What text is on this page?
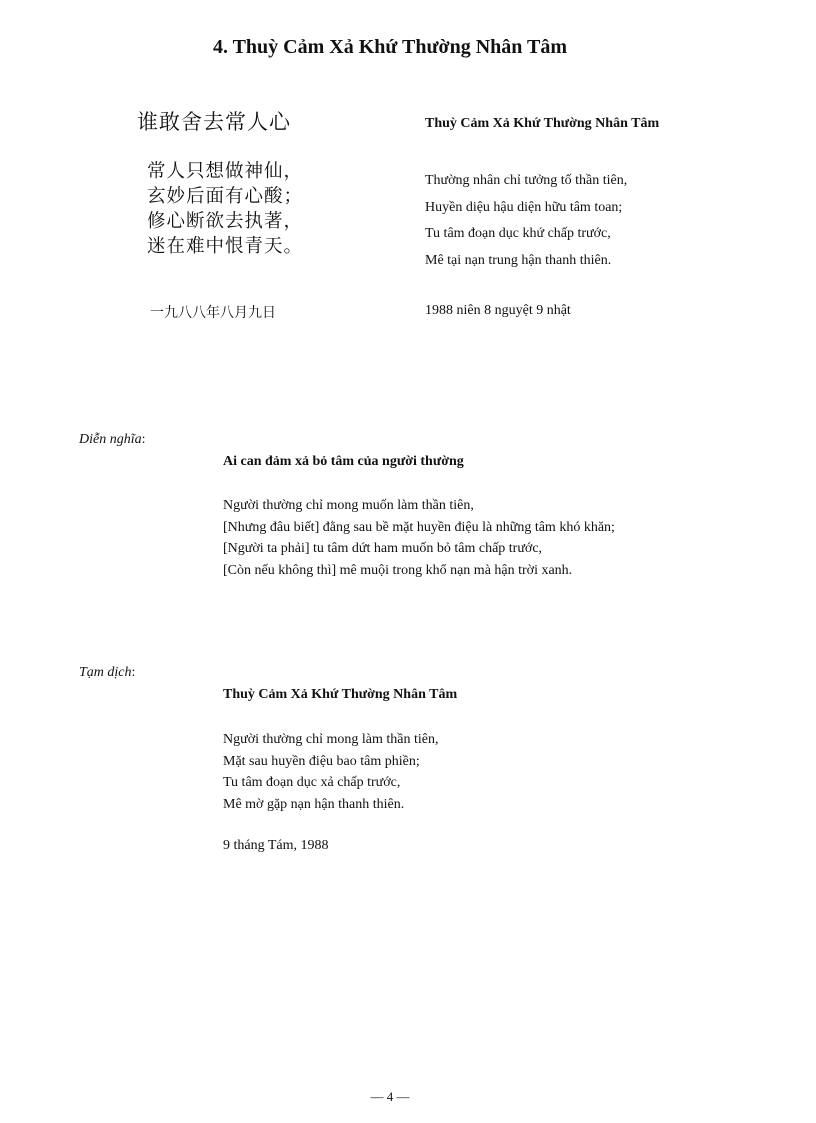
4. Thuỳ Cảm Xả Khứ Thường Nhân Tâm
谁敢舍去常人心
常人只想做神仙，
玄妙后面有心酸；
修心断欲去执著，
迷在难中恨青天。
一九八八年八月九日
Thuỳ Cảm Xả Khứ Thường Nhân Tâm
Thường nhân chỉ tưởng tố thần tiên,
Huyền diệu hậu diện hữu tâm toan;
Tu tâm đoạn dục khứ chấp trước,
Mê tại nạn trung hận thanh thiên.
1988 niên 8 nguyệt 9 nhật
Diễn nghĩa:
Ai can đảm xả bỏ tâm của người thường
Người thường chỉ mong muốn làm thần tiên,
[Nhưng đâu biết] đằng sau bề mặt huyền điệu là những tâm khó khăn;
[Người ta phải] tu tâm dứt ham muốn bỏ tâm chấp trước,
[Còn nếu không thì] mê muội trong khổ nạn mà hận trời xanh.
Tạm dịch:
Thuỳ Cảm Xả Khứ Thường Nhân Tâm
Người thường chỉ mong làm thần tiên,
Mặt sau huyền điệu bao tâm phiền;
Tu tâm đoạn dục xả chấp trước,
Mê mờ gặp nạn hận thanh thiên.
9 tháng Tám, 1988
— 4 —
